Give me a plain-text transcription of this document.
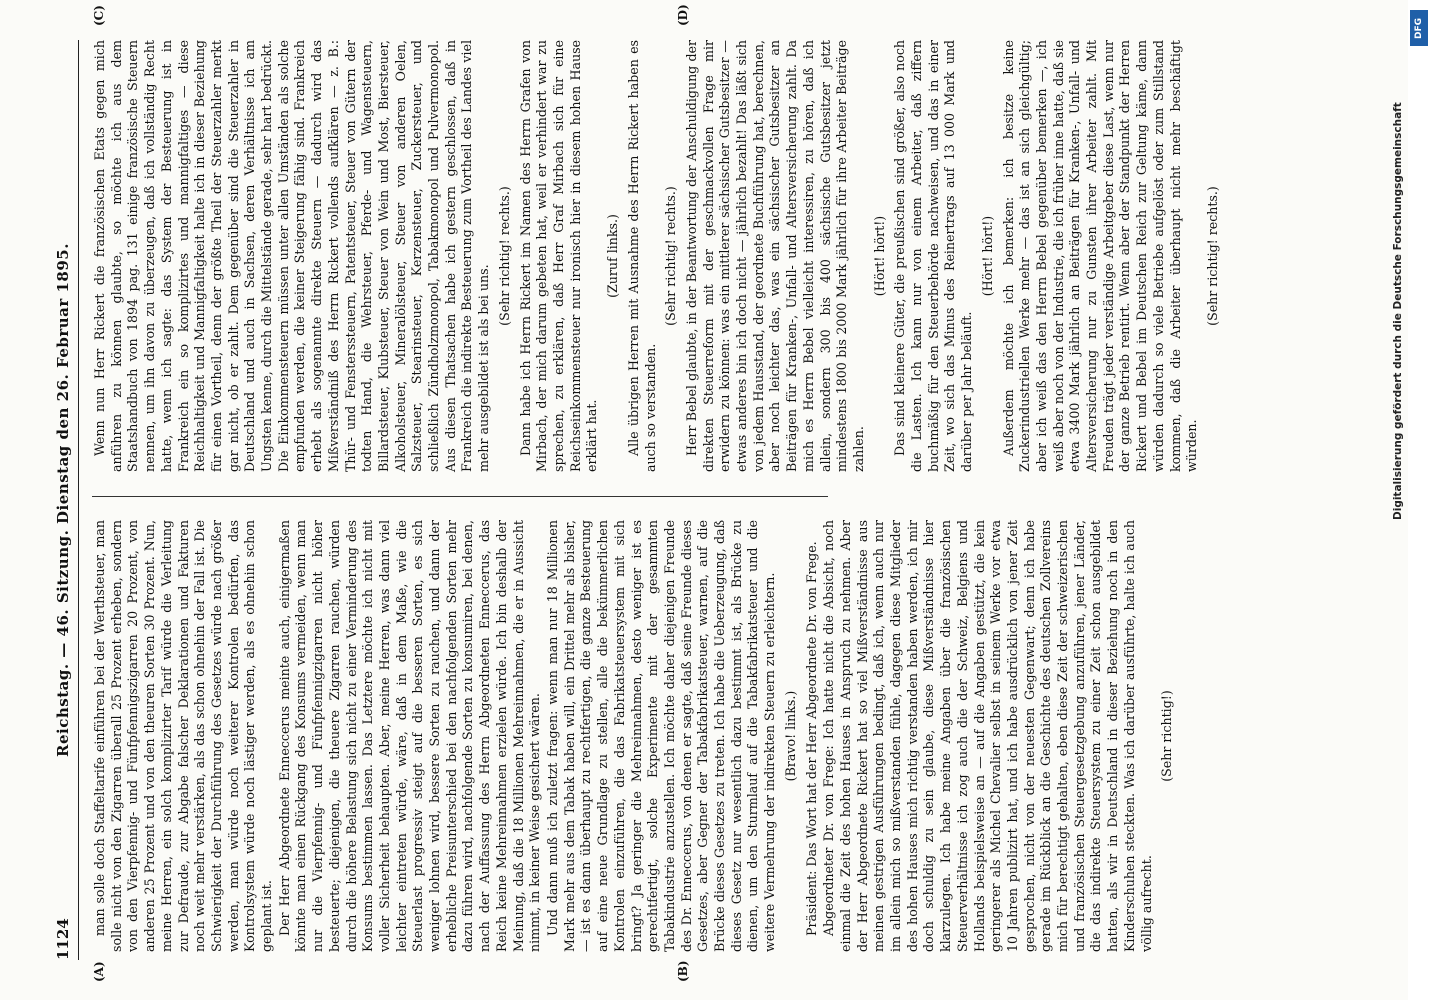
1124
Reichstag. — 46. Sitzung. Dienstag den 26. Februar 1895.
(A)	(B)
(C)	(D)

man solle doch Staffeltarife einführen bei der Werthsteuer, man solle nicht von den Zigarren überall 25 Prozent erheben, sondern von den Vierpfennig- und Fünfpfennigszigarren 20 Prozent, von anderen 25 Prozent und von den theuren Sorten 30 Prozent. Nun, meine Herren, ein solch komplizirter Tarif würde die Verleitung zur Defraude, zur Abgabe falscher Deklarationen und Fakturen noch weit mehr verstärken, als das schon ohnehin der Fall ist. Die Schwierigkeit der Durchführung des Gesetzes würde nach größer werden, man würde noch weiterer Kontrolen bedürfen, das Kontrolsystem würde noch lästiger werden, als es ohnehin schon geplant ist. Der Herr Abgeordnete Enneccerus meinte auch, einigermaßen könnte man einen Rückgang des Konsums vermeiden, wenn man nur die Vierpfennig- und Fünfpfennigzigarren nicht höher besteuerte; diejenigen, die theuere Zigarren rauchen, würden durch die höhere Belastung sich nicht zu einer Verminderung des Konsums bestimmen lassen. Das Letztere möchte ich nicht mit voller Sicherheit behaupten. Aber, meine Herren, was dann viel leichter eintreten würde, wäre, daß in dem Maße, wie die Steuerlast progressiv steigt auf die besseren Sorten, es sich weniger lohnen wird, bessere Sorten zu rauchen, und dann der erhebliche Preisunterschied bei den nachfolgenden Sorten mehr dazu führen wird, nachfolgende Sorten zu konsumiren, bei denen, nach der Auffassung des Herrn Abgeordneten Enneccerus, das Reich keine Mehreinnahmen erzielen würde. Ich bin deshalb der Meinung, daß die 18 Millionen Mehreinnahmen, die er in Aussicht nimmt, in keiner Weise gesichert wären. Und dann muß ich zuletzt fragen: wenn man nur 18 Millionen Mark mehr aus dem Tabak haben will, ein Drittel mehr als bisher, — ist es dann überhaupt zu rechtfertigen, die ganze Besteuerung auf eine neue Grundlage zu stellen, alle die bekümmerlichen Kontrolen einzuführen, die das Fabrikatsteuersystem mit sich bringt? Ja geringer die Mehreinnahmen, desto weniger ist es gerechtfertigt, solche Experimente mit der gesammten Tabakindustrie anzustellen. Ich möchte daher diejenigen Freunde des Dr. Enneccerus, von denen er sagte, daß seine Freunde dieses Gesetzes, aber Gegner der Tabakfabrikatsteuer, warnen, auf die Brücke dieses Gesetzes zu treten. Ich habe die Ueberzeugung, daß dieses Gesetz nur wesentlich dazu bestimmt ist, als Brücke zu dienen, um den Sturmlauf auf die Tabakfabrikatsteuer und die weitere Vermehrung der indirekten Steuern zu erleichtern. (Bravo! links.) Präsident: Das Wort hat der Herr Abgeordnete Dr. von Frege. Abgeordneter Dr. von Frege: Ich hatte nicht die Absicht, noch einmal die Zeit des hohen Hauses in Anspruch zu nehmen. Aber der Herr Abgeordnete Rickert hat so viel Mißverständnisse aus meinen gestrigen Ausführungen bedingt, daß ich, wenn auch nur im allein mich so mißverstanden fühle, dagegen diese Mitglieder des hohen Hauses mich richtig verstanden haben werden, ich mir doch schuldig zu sein glaube, diese Mißverständnisse hier klarzulegen. Ich habe meine Angaben über die französischen Steuerverhältnisse ich zog auch die der Schweiz, Belgiens und Hollands beispielsweise an — auf die Angaben gestützt, die kein geringerer als Michel Chevalier selbst in seinem Werke vor etwa 10 Jahren publizirt hat, und ich habe ausdrücklich von jener Zeit gesprochen, nicht von der neuesten Gegenwart; denn ich habe gerade im Rückblick an die Geschichte des deutschen Zollvereins mich für berechtigt gehalten, eben diese Zeit der schweizerischen und französischen Steuergesetzgebung anzuführen, jener Länder, die das indirekte Steuersystem zu einer Zeit schon ausgebildet hatten, als wir in Deutschland in dieser Beziehung noch in den Kinderschuhen steckten. Was ich darüber ausführte, halte ich auch völlig aufrecht.

(Sehr richtig!)

Wenn nun Herr Rickert die französischen Etats gegen mich anführen zu können glaubte, so möchte ich aus dem Staatshandbuch von 1894 pag. 131 einige französische Steuern nennen, um ihn davon zu überzeugen, daß ich vollständig Recht hatte, wenn ich sagte: das System der Besteuerung ist in Frankreich ein so komplizirtes und mannigfaltiges — diese Reichhaltigkeit und Mannigfaltigkeit halte ich in dieser Beziehung für einen Vortheil, denn der größte Theil der Steuerzahler merkt gar nicht, ob er zahlt. Dem gegenüber sind die Steuerzahler in Deutschland und auch in Sachsen, deren Verhältnisse ich am Ungsten kenne, durch die Mittelstände gerade, sehr hart bedrückt. Die Einkommensteuern müssen unter allen Umständen als solche empfunden werden, die keiner Steigerung fähig sind. Frankreich erhebt als sogenannte direkte Steuern — dadurch wird das Mißverständniß des Herrn Rickert vollends aufklären — z. B.: Thür- und Fensterssteuern, Patentsteuer, Steuer von Gütern der todten Hand, die Wehrsteuer, Pferde- und Wagensteuern, Billardsteuer, Klubsteuer, Steuer von Wein und Most, Biersteuer, Alkoholsteuer, Mineralölsteuer, Steuer von anderen Oelen, Salzsteuer, Stearinsteuer, Kerzensteuer, Zuckersteuer, und schließlich Zündholzmonopol, Tabakmonopol und Pulvermonopol. Aus diesen Thatsachen habe ich gestern geschlossen, daß in Frankreich die indirekte Besteuerung zum Vortheil des Landes viel mehr ausgebildet ist als bei uns.

(Sehr richtig! rechts.) Dann habe ich Herrn Rickert im Namen des Herrn Grafen von Mirbach, der mich darum gebeten hat, weil er verhindert war zu sprechen, zu erklären, daß Herr Graf Mirbach sich für eine Reichseinkommensteuer nur ironisch hier in diesem hohen Hause erklärt hat.

(Zuruf links.) Alle übrigen Herren mit Ausnahme des Herrn Rickert haben es auch so verstanden.

(Sehr richtig! rechts.) Herr Bebel glaubte, in der Beantwortung der Anschuldigung der direkten Steuerreform mit der geschmackvollen Frage mir erwidern zu können: was ein mittlerer sächsischer Gutsbesitzer — etwas anderes bin ich doch nicht — jährlich bezahlt! Das läßt sich von jedem Hausstand, der geordnete Buchführung hat, berechnen, aber noch leichter das, was ein sächsischer Gutsbesitzer an Beiträgen für Kranken-, Unfall- und Altersversicherung zahlt. Da mich es Herrn Bebel vielleicht interessiren, zu hören, daß ich allein, sondern 300 bis 400 sächsische Gutsbesitzer jetzt mindestens 1800 bis 2000 Mark jährlich für ihre Arbeiter Beiträge zahlen.

(Hört! hört!) Das sind kleinere Güter, die preußischen sind größer, also noch die Lasten. Ich kann nur von einem Arbeiter, daß ziffern buchmäßig für den Steuerbehörde nachweisen, und das in einer Zeit, wo sich das Minus des Reinertrags auf 13 000 Mark und darüber per Jahr beläuft.

(Hört! hört!) Außerdem möchte ich bemerken: ich besitze keine Zuckerindustriellen Werke mehr — das ist an sich gleichgültig; aber ich weiß das den Herrn Bebel gegenüber bemerken —, ich weiß aber noch von der Industrie, die ich früher inne hatte, daß sie etwa 3400 Mark jährlich an Beiträgen für Kranken-, Unfall- und Altersversicherung nur zu Gunsten ihrer Arbeiter zahlt. Mit Freuden trägt jeder verständige Arbeitgeber diese Last, wenn nur der ganze Betrieb rentirt. Wenn aber der Standpunkt der Herren Rickert und Bebel im Deutschen Reich zur Geltung käme, dann würden dadurch so viele Betriebe aufgelöst oder zum Stillstand kommen, daß die Arbeiter überhaupt nicht mehr beschäftigt würden.

(Sehr richtig! rechts.)	Digitalisierung gefördert durch die Deutsche Forschungsgemeinschaft
DFG
